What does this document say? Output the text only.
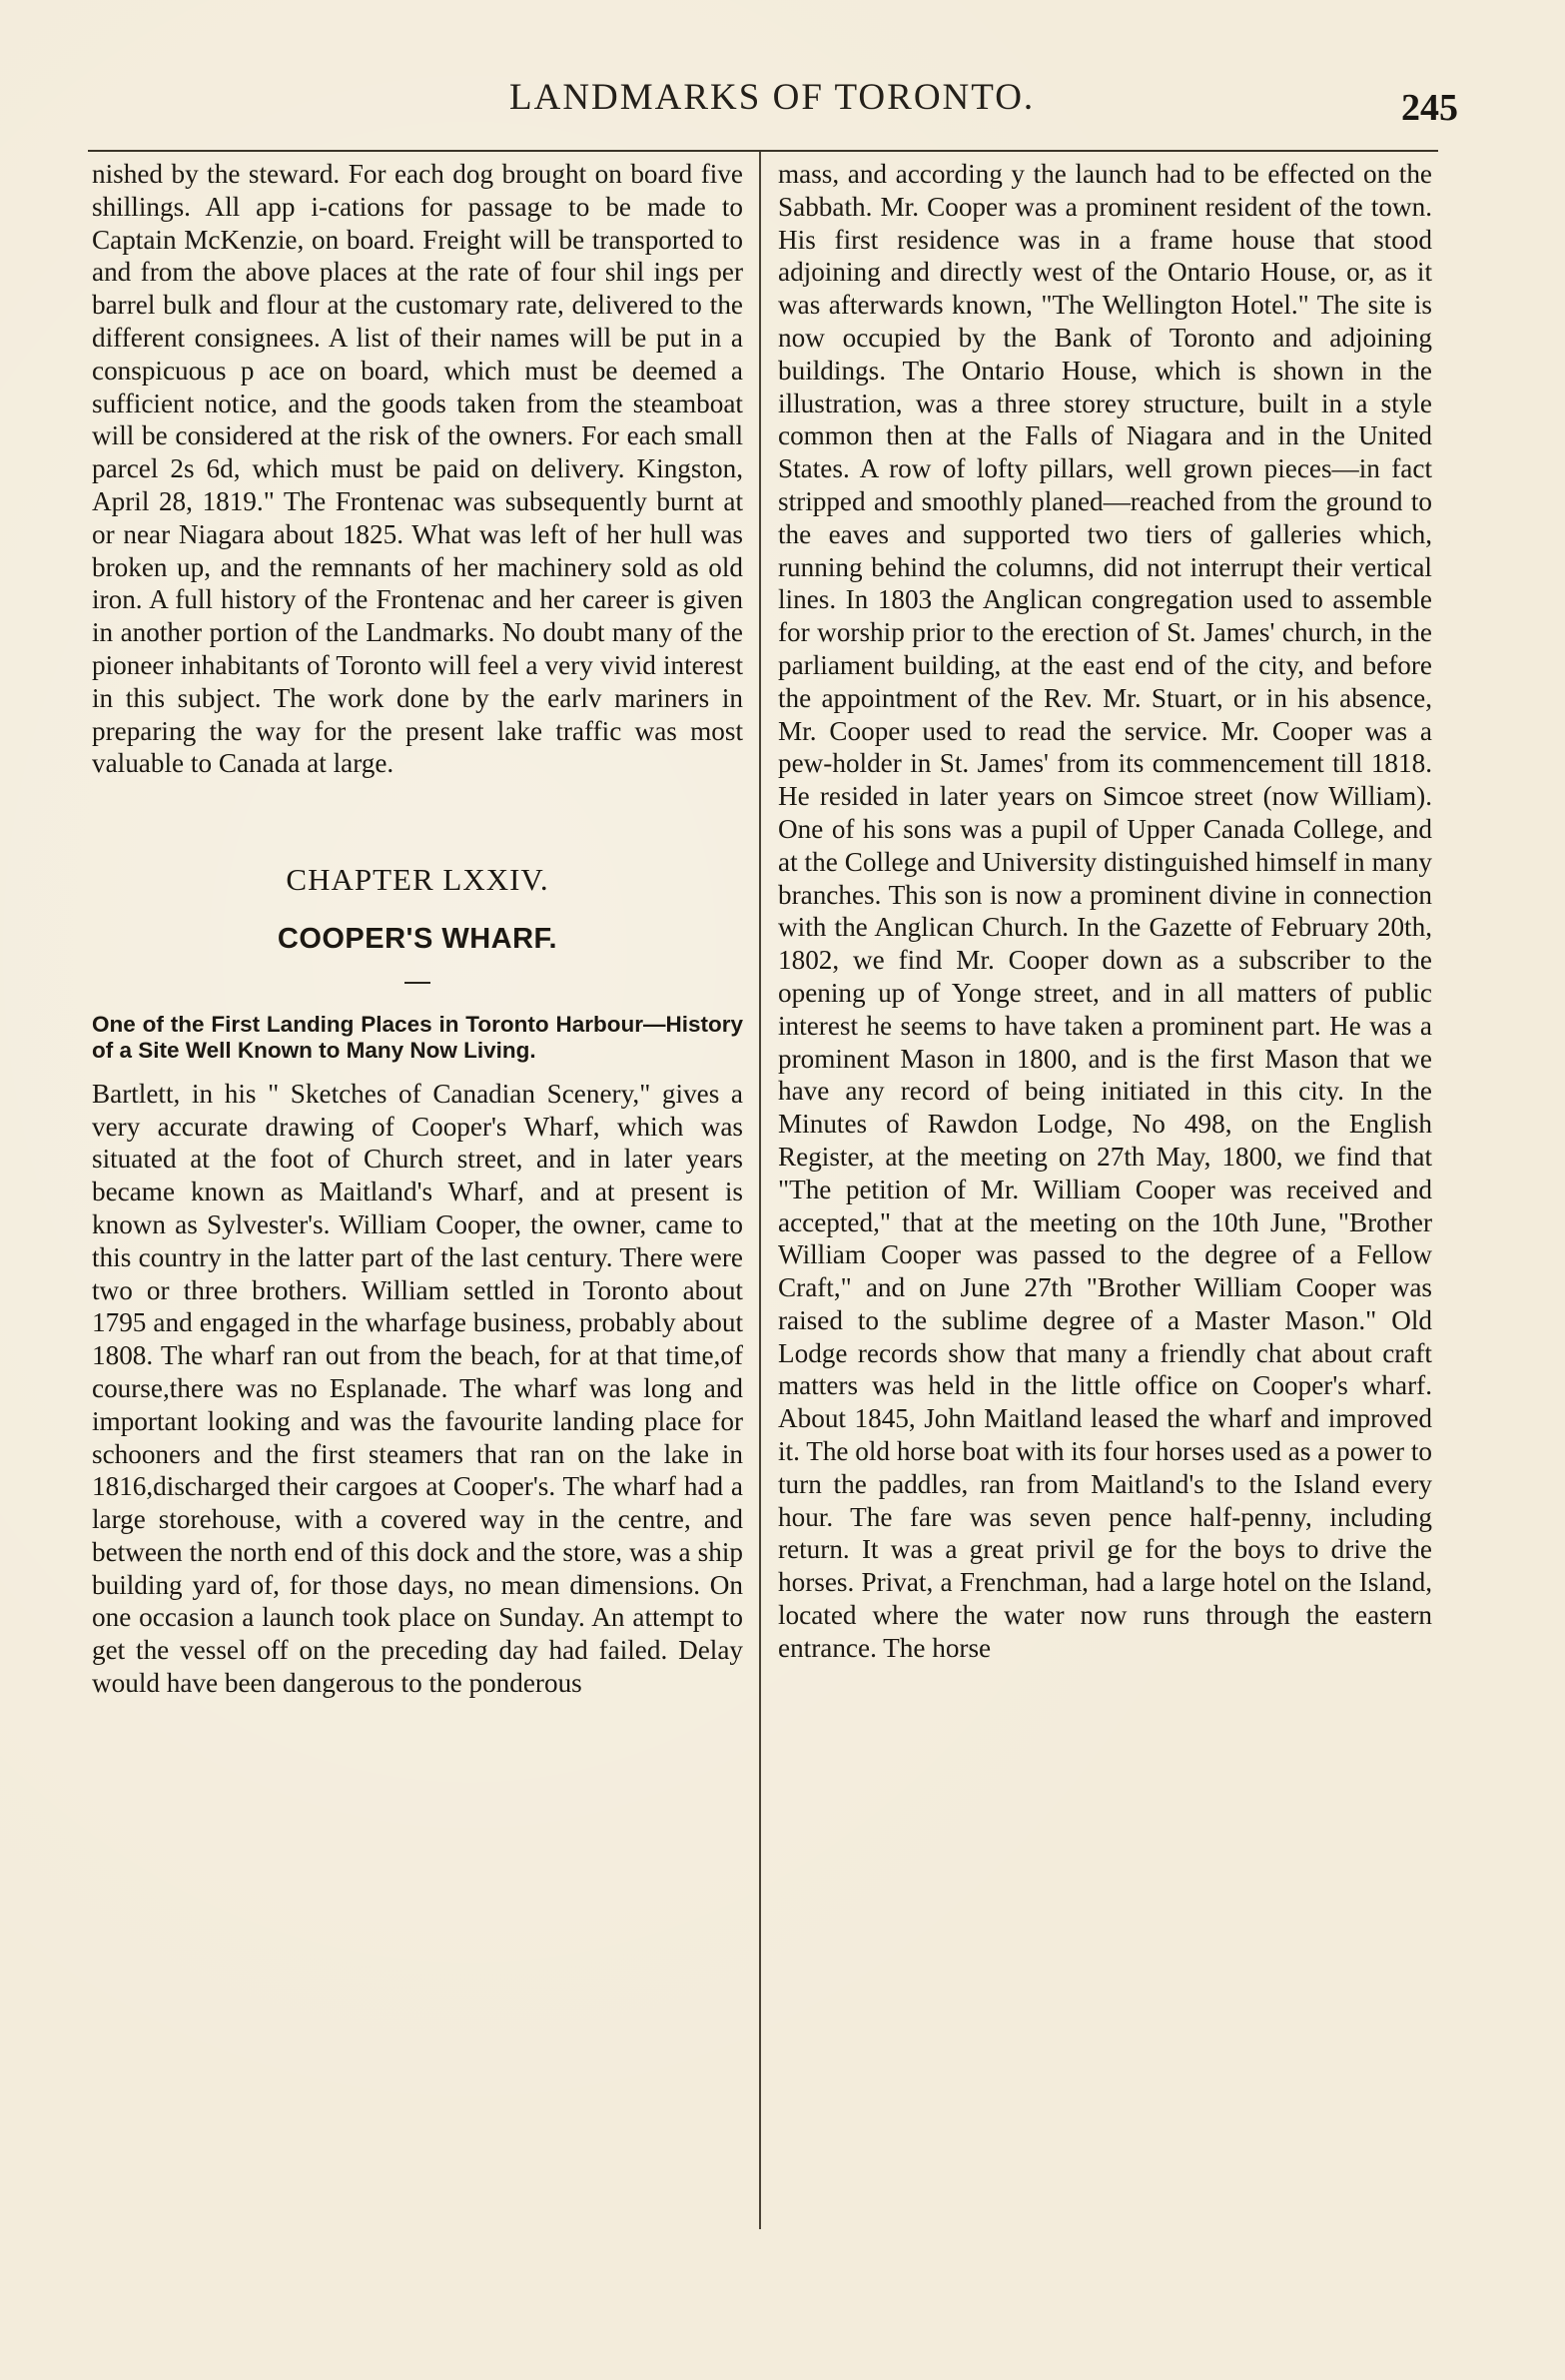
LANDMARKS OF TORONTO.	245

nished by the steward. For each dog brought on board five shillings. All app i-cations for passage to be made to Captain McKenzie, on board. Freight will be transported to and from the above places at the rate of four shil ings per barrel bulk and flour at the customary rate, delivered to the different consignees. A list of their names will be put in a conspicuous p ace on board, which must be deemed a sufficient notice, and the goods taken from the steamboat will be considered at the risk of the owners. For each small parcel 2s 6d, which must be paid on delivery. Kingston, April 28, 1819." The Frontenac was subsequently burnt at or near Niagara about 1825. What was left of her hull was broken up, and the remnants of her machinery sold as old iron. A full history of the Frontenac and her career is given in another portion of the Landmarks. No doubt many of the pioneer inhabitants of Toronto will feel a very vivid interest in this subject. The work done by the earlv mariners in preparing the way for the present lake traffic was most valuable to Canada at large.

CHAPTER LXXIV.

COOPER'S WHARF.

One of the First Landing Places in Toronto Harbour—History of a Site Well Known to Many Now Living.

Bartlett, in his " Sketches of Canadian Scenery," gives a very accurate drawing of Cooper's Wharf, which was situated at the foot of Church street, and in later years became known as Maitland's Wharf, and at present is known as Sylvester's. William Cooper, the owner, came to this country in the latter part of the last century. There were two or three brothers. William settled in Toronto about 1795 and engaged in the wharfage business, probably about 1808. The wharf ran out from the beach, for at that time,of course,there was no Esplanade. The wharf was long and important looking and was the favourite landing place for schooners and the first steamers that ran on the lake in 1816,discharged their cargoes at Cooper's. The wharf had a large storehouse, with a covered way in the centre, and between the north end of this dock and the store, was a ship building yard of, for those days, no mean dimensions. On one occasion a launch took place on Sunday. An attempt to get the vessel off on the preceding day had failed. Delay would have been dangerous to the ponderous

mass, and according y the launch had to be effected on the Sabbath. Mr. Cooper was a prominent resident of the town. His first residence was in a frame house that stood adjoining and directly west of the Ontario House, or, as it was afterwards known, "The Wellington Hotel." The site is now occupied by the Bank of Toronto and adjoining buildings. The Ontario House, which is shown in the illustration, was a three storey structure, built in a style common then at the Falls of Niagara and in the United States. A row of lofty pillars, well grown pieces—in fact stripped and smoothly planed—reached from the ground to the eaves and supported two tiers of galleries which, running behind the columns, did not interrupt their vertical lines. In 1803 the Anglican congregation used to assemble for worship prior to the erection of St. James' church, in the parliament building, at the east end of the city, and before the appointment of the Rev. Mr. Stuart, or in his absence, Mr. Cooper used to read the service. Mr. Cooper was a pew-holder in St. James' from its commencement till 1818. He resided in later years on Simcoe street (now William). One of his sons was a pupil of Upper Canada College, and at the College and University distinguished himself in many branches. This son is now a prominent divine in connection with the Anglican Church. In the Gazette of February 20th, 1802, we find Mr. Cooper down as a subscriber to the opening up of Yonge street, and in all matters of public interest he seems to have taken a prominent part. He was a prominent Mason in 1800, and is the first Mason that we have any record of being initiated in this city. In the Minutes of Rawdon Lodge, No 498, on the English Register, at the meeting on 27th May, 1800, we find that "The petition of Mr. William Cooper was received and accepted," that at the meeting on the 10th June, "Brother William Cooper was passed to the degree of a Fellow Craft," and on June 27th "Brother William Cooper was raised to the sublime degree of a Master Mason." Old Lodge records show that many a friendly chat about craft matters was held in the little office on Cooper's wharf. About 1845, John Maitland leased the wharf and improved it. The old horse boat with its four horses used as a power to turn the paddles, ran from Maitland's to the Island every hour. The fare was seven pence half-penny, including return. It was a great privil ge for the boys to drive the horses. Privat, a Frenchman, had a large hotel on the Island, located where the water now runs through the eastern entrance. The horse
